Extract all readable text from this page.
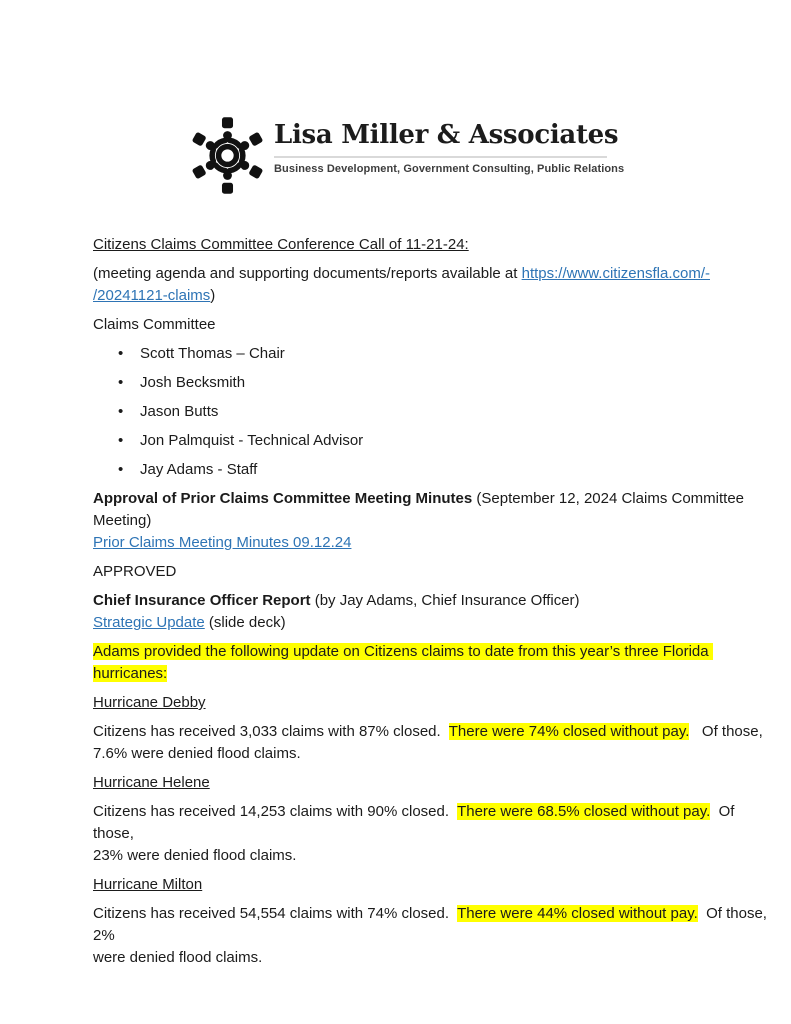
Lisa Miller & Associates
Business Development, Government Consulting, Public Relations

Citizens Claims Committee Conference Call of 11-21-24:

(meeting agenda and supporting documents/reports available at https://www.citizensfla.com/-
/20241121-claims)

Claims Committee

• Scott Thomas – Chair
• Josh Becksmith
• Jason Butts
• Jon Palmquist - Technical Advisor
• Jay Adams - Staff

Approval of Prior Claims Committee Meeting Minutes (September 12, 2024 Claims Committee
Meeting)
Prior Claims Meeting Minutes 09.12.24

APPROVED

Chief Insurance Officer Report (by Jay Adams, Chief Insurance Officer)
Strategic Update (slide deck)

Adams provided the following update on Citizens claims to date from this year’s three Florida
hurricanes:

Hurricane Debby

Citizens has received 3,033 claims with 87% closed.  There were 74% closed without pay.   Of those,
7.6% were denied flood claims.

Hurricane Helene

Citizens has received 14,253 claims with 90% closed.  There were 68.5% closed without pay.  Of those,
23% were denied flood claims.

Hurricane Milton

Citizens has received 54,554 claims with 74% closed.  There were 44% closed without pay.  Of those, 2%
were denied flood claims.
